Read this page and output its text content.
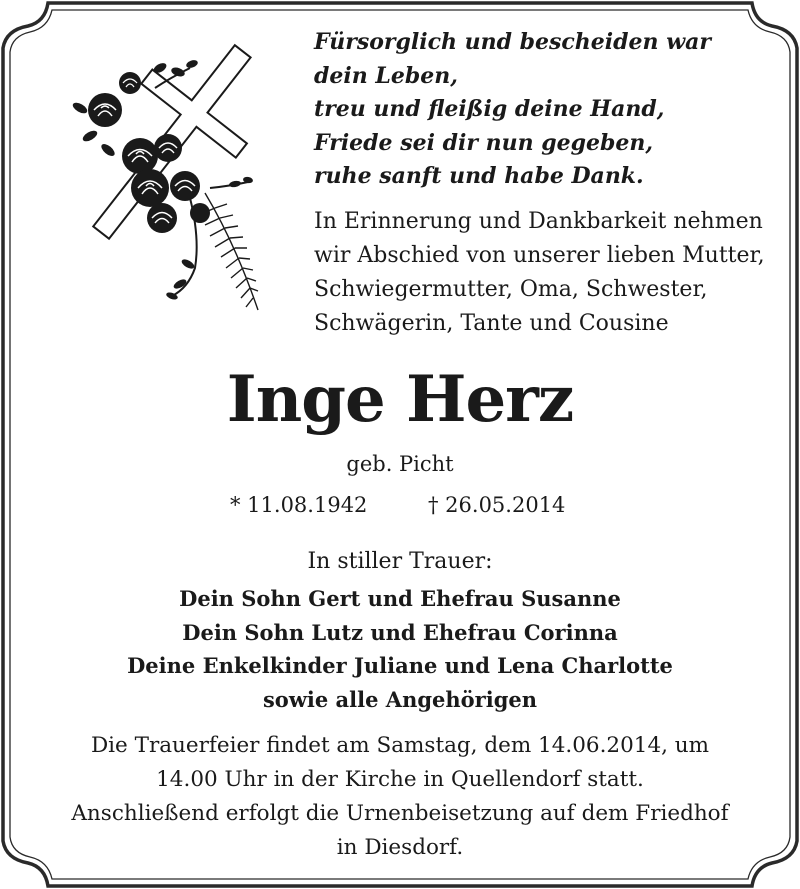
Fürsorglich und bescheiden war
dein Leben,
treu und fleißig deine Hand,
Friede sei dir nun gegeben,
ruhe sanft und habe Dank.
In Erinnerung und Dankbarkeit nehmen
wir Abschied von unserer lieben Mutter,
Schwiegermutter, Oma, Schwester,
Schwägerin, Tante und Cousine
Inge Herz
geb. Picht
* 11.08.1942	† 26.05.2014
In stiller Trauer:
Dein Sohn Gert und Ehefrau Susanne
Dein Sohn Lutz und Ehefrau Corinna
Deine Enkelkinder Juliane und Lena Charlotte
sowie alle Angehörigen
Die Trauerfeier findet am Samstag, dem 14.06.2014, um
14.00 Uhr in der Kirche in Quellendorf statt.
Anschließend erfolgt die Urnenbeisetzung auf dem Friedhof
in Diesdorf.
